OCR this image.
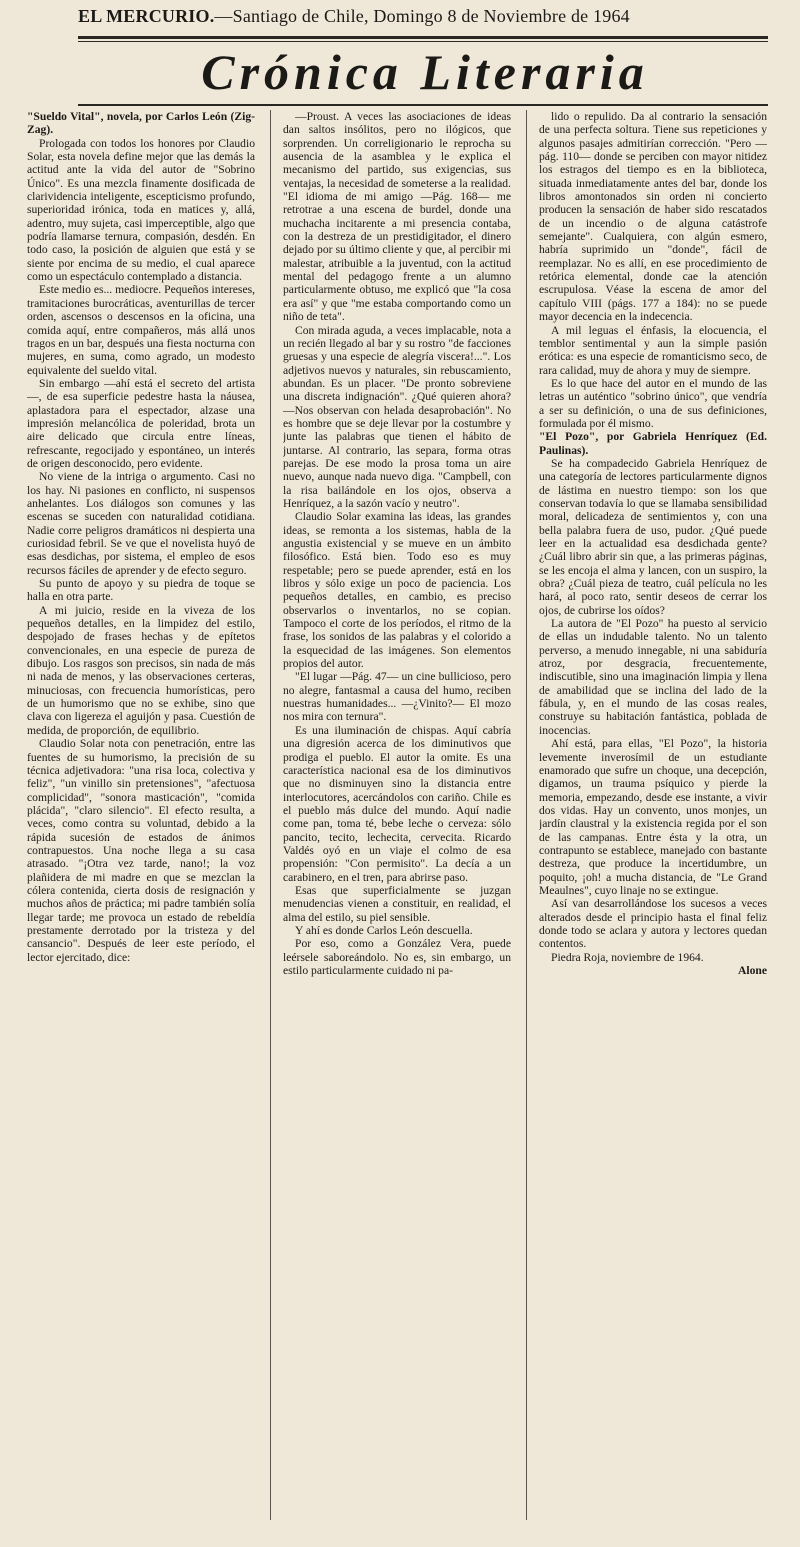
EL MERCURIO.—Santiago de Chile, Domingo 8 de Noviembre de 1964
Crónica Literaria

"Sueldo Vital", novela, por Carlos León (Zig-Zag).

Prologada con todos los honores por Claudio Solar, esta novela define mejor que las demás la actitud ante la vida del autor de "Sobrino Único". Es una mezcla finamente dosificada de clarividencia inteligente, escepticismo profundo, superioridad irónica, toda en matices y, allá, adentro, muy sujeta, casi imperceptible, algo que podría llamarse ternura, compasión, desdén. En todo caso, la posición de alguien que está y se siente por encima de su medio, el cual aparece como un espectáculo contemplado a distancia.

Este medio es... mediocre. Pequeños intereses, tramitaciones burocráticas, aventurillas de tercer orden, ascensos o descensos en la oficina, una comida aquí, entre compañeros, más allá unos tragos en un bar, después una fiesta nocturna con mujeres, en suma, como agrado, un modesto equivalente del sueldo vital.

Sin embargo —ahí está el secreto del artista—, de esa superficie pedestre hasta la náusea, aplastadora para el espectador, alzase una impresión melancólica de poleridad, brota un aire delicado que circula entre líneas, refrescante, regocijado y espontáneo, un interés de origen desconocido, pero evidente.

No viene de la intriga o argumento. Casi no los hay. Ni pasiones en conflicto, ni suspensos anhelantes. Los diálogos son comunes y las escenas se suceden con naturalidad cotidiana. Nadie corre peligros dramáticos ni despierta una curiosidad febril. Se ve que el novelista huyó de esas desdichas, por sistema, el empleo de esos recursos fáciles de aprender y de efecto seguro.

Su punto de apoyo y su piedra de toque se halla en otra parte.

A mi juicio, reside en la viveza de los pequeños detalles, en la limpidez del estilo, despojado de frases hechas y de epítetos convencionales, en una especie de pureza de dibujo. Los rasgos son precisos, sin nada de más ni nada de menos, y las observaciones certeras, minuciosas, con frecuencia humorísticas, pero de un humorismo que no se exhibe, sino que clava con ligereza el aguijón y pasa. Cuestión de medida, de proporción, de equilibrio.

Claudio Solar nota con penetración, entre las fuentes de su humorismo, la precisión de su técnica adjetivadora: "una risa loca, colectiva y feliz", "un vinillo sin pretensiones", "afectuosa complicidad", "sonora masticación", "comida plácida", "claro silencio". El efecto resulta, a veces, como contra su voluntad, debido a la rápida sucesión de estados de ánimos contrapuestos. Una noche llega a su casa atrasado. "¡Otra vez tarde, nano!; la voz plañidera de mi madre en que se mezclan la cólera contenida, cierta dosis de resignación y muchos años de práctica; mi padre también solía llegar tarde; me provoca un estado de rebeldía prestamente derrotado por la tristeza y del cansancio". Después de leer este período, el lector ejercitado, dice:

—Proust. A veces las asociaciones de ideas dan saltos insólitos, pero no ilógicos, que sorprenden. Un correligionario le reprocha su ausencia de la asamblea y le explica el mecanismo del partido, sus exigencias, sus ventajas, la necesidad de someterse a la realidad. "El idioma de mi amigo —Pág. 168— me retrotrae a una escena de burdel, donde una muchacha incitarente a mi presencia contaba, con la destreza de un prestidigitador, el dinero dejado por su último cliente y que, al percibir mi malestar, atribuible a la juventud, con la actitud mental del pedagogo frente a un alumno particularmente obtuso, me explicó que "la cosa era así" y que "me estaba comportando como un niño de teta".

Con mirada aguda, a veces implacable, nota a un recién llegado al bar y su rostro "de facciones gruesas y una especie de alegría viscera!...". Los adjetivos nuevos y naturales, sin rebuscamiento, abundan. Es un placer. "De pronto sobreviene una discreta indignación". ¿Qué quieren ahora? —Nos observan con helada desaprobación". No es hombre que se deje llevar por la costumbre y junte las palabras que tienen el hábito de juntarse. Al contrario, las separa, forma otras parejas. De ese modo la prosa toma un aire nuevo, aunque nada nuevo diga. "Campbell, con la risa bailándole en los ojos, observa a Henríquez, a la sazón vacío y neutro".

Claudio Solar examina las ideas, las grandes ideas, se remonta a los sistemas, habla de la angustia existencial y se mueve en un ámbito filosófico. Está bien. Todo eso es muy respetable; pero se puede aprender, está en los libros y sólo exige un poco de paciencia. Los pequeños detalles, en cambio, es preciso observarlos o inventarlos, no se copian. Tampoco el corte de los períodos, el ritmo de la frase, los sonidos de las palabras y el colorido a la esquecidad de las imágenes. Son elementos propios del autor.

"El lugar —Pág. 47— un cine bullicioso, pero no alegre, fantasmal a causa del humo, reciben nuestras humanidades... —¿Vinito?— El mozo nos mira con ternura".

Es una iluminación de chispas. Aquí cabría una digresión acerca de los diminutivos que prodiga el pueblo. El autor la omite. Es una característica nacional esa de los diminutivos que no disminuyen sino la distancia entre interlocutores, acercándolos con cariño. Chile es el pueblo más dulce del mundo. Aquí nadie come pan, toma té, bebe leche o cerveza: sólo pancito, tecito, lechecita, cervecita. Ricardo Valdés oyó en un viaje el colmo de esa propensión: "Con permisito". La decía a un carabinero, en el tren, para abrirse paso.

Esas que superficialmente se juzgan menudencias vienen a constituir, en realidad, el alma del estilo, su piel sensible.

Y ahí es donde Carlos León descuella.

Por eso, como a González Vera, puede leérsele saboreándolo. No es, sin embargo, un estilo particularmente cuidado ni pa-

lido o repulido. Da al contrario la sensación de una perfecta soltura. Tiene sus repeticiones y algunos pasajes admitirían corrección. "Pero —pág. 110— donde se perciben con mayor nitidez los estragos del tiempo es en la biblioteca, situada inmediatamente antes del bar, donde los libros amontonados sin orden ni concierto producen la sensación de haber sido rescatados de un incendio o de alguna catástrofe semejante". Cualquiera, con algún esmero, habría suprimido un "donde", fácil de reemplazar. No es allí, en ese procedimiento de retórica elemental, donde cae la atención escrupulosa. Véase la escena de amor del capítulo VIII (págs. 177 a 184): no se puede mayor decencia en la indecencia.

A mil leguas el énfasis, la elocuencia, el temblor sentimental y aun la simple pasión erótica: es una especie de romanticismo seco, de rara calidad, muy de ahora y muy de siempre.

Es lo que hace del autor en el mundo de las letras un auténtico "sobrino único", que vendría a ser su definición, o una de sus definiciones, formulada por él mismo.

"El Pozo", por Gabriela Henríquez (Ed. Paulinas).

Se ha compadecido Gabriela Henríquez de una categoría de lectores particularmente dignos de lástima en nuestro tiempo: son los que conservan todavía lo que se llamaba sensibilidad moral, delicadeza de sentimientos y, con una bella palabra fuera de uso, pudor. ¿Qué puede leer en la actualidad esa desdichada gente? ¿Cuál libro abrir sin que, a las primeras páginas, se les encoja el alma y lancen, con un suspiro, la obra? ¿Cuál pieza de teatro, cuál película no les hará, al poco rato, sentir deseos de cerrar los ojos, de cubrirse los oídos?

La autora de "El Pozo" ha puesto al servicio de ellas un indudable talento. No un talento perverso, a menudo innegable, ni una sabiduría atroz, por desgracia, frecuentemente, indiscutible, sino una imaginación limpia y llena de amabilidad que se inclina del lado de la fábula, y, en el mundo de las cosas reales, construye su habitación fantástica, poblada de inocencias.

Ahí está, para ellas, "El Pozo", la historia levemente inverosímil de un estudiante enamorado que sufre un choque, una decepción, digamos, un trauma psíquico y pierde la memoria, empezando, desde ese instante, a vivir dos vidas. Hay un convento, unos monjes, un jardín claustral y la existencia regida por el son de las campanas. Entre ésta y la otra, un contrapunto se establece, manejado con bastante destreza, que produce la incertidumbre, un poquito, ¡oh! a mucha distancia, de "Le Grand Meaulnes", cuyo linaje no se extingue.

Así van desarrollándose los sucesos a veces alterados desde el principio hasta el final feliz donde todo se aclara y autora y lectores quedan contentos.

Piedra Roja, noviembre de 1964.

Alone
